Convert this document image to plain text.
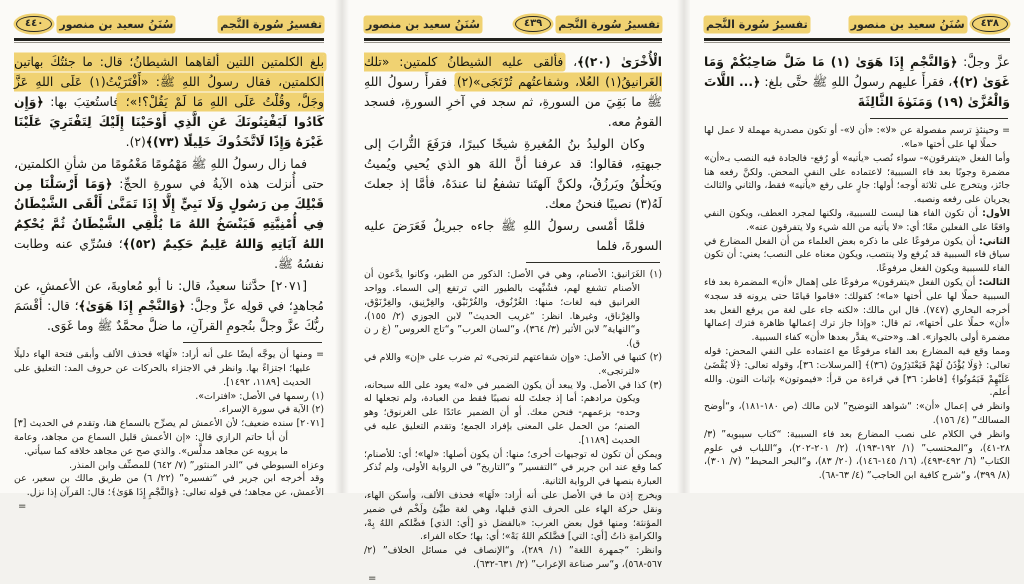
تفسيرُ سُورة النَّجم
سُنَنُ سعيد بن منصور
٤٤٠

بلغ الكلمتين اللتين ألقاهما الشيطانُ؛ قال: ما جئتُكَ بهاتين الكلمتين، فقال رسولُ اللهِ ﷺ: «أَفْتَرَيْتُ(١) عَلَى اللهِ عَزَّ وجَلَّ، وقُلْتُ عَلَى اللهِ مَا لَمْ يَقُلْ؟!»؛ فاستُعتِبَ بها: ﴿وَإِن كَادُوا لَيَفْتِنُونَكَ عَنِ الَّذِي أَوْحَيْنَا إِلَيْكَ لِتَفْتَرِيَ عَلَيْنَا غَيْرَهُ وَإِذًا لَاتَّخَذُوكَ خَلِيلًا (٧٣)﴾(٢).

فما زال رسولُ اللهِ ﷺ مَهْمُومًا مَغْمُومًا من شأنِ الكلمتين، حتى أُنزلت هذه الآيةُ في سورةِ الحجِّ: ﴿وَمَا أَرْسَلْنَا مِن قَبْلِكَ مِن رَسُولٍ وَلَا نَبِيٍّ إِلَّا إِذَا تَمَنَّىٰ أَلْقَى الشَّيْطَانُ فِي أُمْنِيَّتِهِ فَيَنْسَخُ اللهُ مَا يُلْقِي الشَّيْطَانُ ثُمَّ يُحْكِمُ اللهُ آيَاتِهِ وَاللهُ عَلِيمٌ حَكِيمٌ (٥٢)﴾؛ فسُرِّي عنه وطابت نفسُهُ ﷺ.

[٢٠٧١] حدَّثنا سعيدٌ، قال: نا أبو مُعاويةَ، عن الأعمشِ، عن مُجاهدٍ؛ في قولِه عزَّ وجلَّ: ﴿وَالنَّجْمِ إِذَا هَوَىٰ﴾؛ قال: أقْسَمَ ربُّكَ عزَّ وجلَّ بنُجومِ القرآنِ، ما ضلَّ محمَّدٌ ﷺ وما غَوَى.

=ومنها أن يوجَّه أيضًا على أنه أراد: «لَهَا» فحذف الألف وأبقى فتحة الهاء دليلًا عليها؛ اجتزاءً بها. وانظر في الاجتزاء بالحركات عن حروف المد: التعليق على الحديث [١١٨٩، ١٤٩٢].

(١)رسمها في الأصل: «افترات».

(٢)الآية في سورة الإسراء.

[٢٠٧١]سنده ضعيف؛ لأن الأعمش لم يصرِّح بالسماع هنا، وتقدم في الحديث [٣] أن أبا حاتم الرازي قال: «إن الأعمش قليل السماع من مجاهد، وعامة ما يرويه عن مجاهد مدلَّس». والذي صح عن مجاهد خلافه كما سيأتي.

وعزاه السيوطي في “الدر المنثور” (٧/ ٦٤٢) للمصنِّف وابن المنذر.

وقد أخرجه ابن جرير في “تفسيره” (٢٢/ ٦) من طريق مالك بن سعير، عن الأعمش، عن مجاهد؛ في قوله تعالى: ﴿وَالنَّجْمِ إِذَا هَوَىٰ﴾؛ قال: القرآن إذا نزل.

=
تفسيرُ سُورة النَّجم
٤٣٩
سُنَنُ سعيد بن منصور

الْأُخْرَىٰ (٢٠)﴾، فألقى عليه الشيطانُ كلمتين: «تلك الغَرانيقُ(١) العُلا، وشفاعتُهم تُرْتَجَى»(٢)، فقرأَ رسولُ اللهِ ﷺ ما بَقِيَ من السورةِ، ثم سجد في آخرِ السورةِ، فسجد القومُ معه.

وكان الوليدُ بنُ المُغيرةِ شيخًا كبيرًا، فرَفَعَ التُّرابَ إلى جبهتِهِ، فقالوا: قد عرفنا أنَّ اللهَ هو الذي يُحيي ويُميتُ ويَخلُقُ ويَرزُقُ، ولكنَّ آلهتَنا تشفعُ لنا عندَهُ، فأمَّا إذ جعلتَ لَهُ(٣) نصيبًا فنحنُ معك.

فلمَّا أمْسى رسولُ اللهِ ﷺ جاءه جبريلُ فَعَرَضَ عليه السورةَ، فلما

(١)الغَرَانيق: الأصنام، وهي في الأصل: الذكور من الطير، وكانوا يدَّعون أن الأصنام تشفع لهم، فشُبِّهت بالطيور التي ترتفع إلى السماء. وواحد الغرانيق فيه لغات؛ منها: الغُرْنُوق، والغُرْنَيْق، والغِرْنِيق، والغِرْنَوْق، والغِرْناق، وغيرها. انظر: “غريب الحديث” لابن الجوزي (٢/ ١٥٥)، و“النهاية” لابن الأثير (٣/ ٣٦٤)، و“لسان العرب” و“تاج العروس” (غ ر ن ق).

(٢)كتبها في الأصل: «وإن شفاعتهم لترتجى» ثم ضرب على «إن» واللام في «لترتجى».

(٣)كذا في الأصل. ولا يبعد أن يكون الضمير في «له» يعود على الله سبحانه، ويكون مرادهم: أما إذ جعلتَ لله نصيبًا فقط من العبادة، ولم تجعلها له وحده- بزعمهم- فنحن معك. أو أن الضمير عائدًا على الغرنوق؛ وهو الصنم؛ من الحمل على المعنى بإفراد الجمع؛ وتقدم التعليق عليه في الحديث [١١٨٩].

ويمكن أن تكون له توجيهات أخرى؛ منها: أن يكون أصلها: «لها»؛ أي: للأصنام؛ كما وقع عند ابن جرير في “التفسير” و“التاريخ” في الرواية الأولى، ولم تُذكر العبارة بنصها في الرواية الثانية.

ويخرج إذن ما في الأصل على أنه أراد: «لَهَا» فحذف الألف، وأسكن الهاء، ونقل حركة الهاء على الحرف الذي قبلها، وهي لغة طيِّئ ولَخْم في ضمير المؤنثة؛ ومنها قول بعض العرب: «بالفضل ذو [أي: الذي] فضَّلكم اللهُ بِهْ، والكرامةِ ذاتُ [أي: التي] فضَّلكم اللهُ بَهْ»؛ أي: بها؛ حكاه الفراء.

وانظر: “جمهرة اللغة” (١/ ٢٨٩)، و“الإنصاف في مسائل الخلاف” (٢/ ٥٦٧-٥٦٨)، و“سر صناعة الإعراب” (٢/ ٦٣١-٦٣٢).

=
٤٣٨
سُنَنُ سعيد بن منصور
تفسيرُ سُورة النَّجم

عزَّ وجلَّ: ﴿وَالنَّجْمِ إِذَا هَوَىٰ (١) مَا ضَلَّ صَاحِبُكُمْ وَمَا غَوَىٰ (٢)﴾، فقرأَ عليهم رسولُ اللهِ ﷺ حتَّى بلغ: ﴿... اللَّاتَ وَالْعُزَّىٰ (١٩) وَمَنَوٰةَ الثَّالِثَةَ

=وحينئذٍ ترسم مفصولة عن «لا»: «أن لا»- أو تكون مصدرية مهملة لا عمل لها حملًا لها على أختها «ما».

وأما الفعل «يتفرقون»- سواء نُصب «يأتيه» أو رُفع- فالجادة فيه النصب بـ«أن» مضمرة وجوبًا بعد فاء السببية؛ لاعتماده على النفي المحض. ولكنَّ رفعه هنا جائز، ويتخرج على ثلاثة أوجه؛ أولها: جارٍ على رفع «يأتيه» فقط، والثاني والثالث يجريان على رفعه ونصبه.

الأول:أن تكون الفاء هنا ليست للسببية، ولكنها لمجرد العطف، ويكون النفي واقعًا على الفعلين معًا؛ أي: «لا يأتيه من الله شيء ولا يتفرقون عنه».

الثاني:أن يكون مرفوعًا على ما ذكره بعض العلماء من أن الفعل المضارع في سياق فاء السببية قد يُرفع ولا ينتصب، ويكون معناه على النصب؛ يعني: أن تكون الفاء للسببية ويكون الفعل مرفوعًا.

الثالث:أن يكون الفعل «يتفرقون» مرفوعًا على إهمال «أن» المضمرة بعد فاء السببية حملًا لها على أختها «ما»؛ كقولك: «قاموا قيامًا حتى يرونه قد سجد» أخرجه البخاري (٧٤٧). قال ابن مالك: «لكنه جاء على لغة من يرفع الفعل بعد «أن» حملًا على أختها»، ثم قال: «وإذا جاز ترك إعمالها ظاهرة فترك إعمالها مضمرة أولى بالجواز». اهـ. و«حتى» يقدَّر بعدها «أن» كفاء السببية.

ومما وقع فيه المضارع بعد الفاء مرفوعًا مع اعتماده على النفي المحض: قوله تعالى: ﴿وَلَا يُؤْذَنُ لَهُمْ فَيَعْتَذِرُونَ (٣٦)﴾ [المرسلات: ٣٦]، وقوله تعالى: ﴿لَا يُقْضَىٰ عَلَيْهِمْ فَيَمُوتُوا﴾ [فاطر: ٣٦] في قراءة من قرأ: «فيموتون» بإثبات النون. والله أعلم.

وانظر في إعمال «أن»: “شواهد التوضيح” لابن مالك (ص ١٨٠-١٨١)، و“أوضح المسالك” (٤/ ١٥٦).

وانظر في الكلام على نصب المضارع بعد فاء السببية: “كتاب سيبويه” (٣/ ٢٨-٤١)، و“المحتسب” (١/ ١٩٢-١٩٣)، (٢/ ٢٠١-٢٠٢)، و“اللباب في علوم الكتاب” (٦/ ٤٩٢-٤٩٣)، (١٦/ ١٤٥-١٤٦)، (٢٠/ ٨٣)، و“البحر المحيط” (٧/ ٣٠١)، (٨/ ٣٩٩)، و“شرح كافية ابن الحاجب” (٤/ ٦٣-٦٨).
